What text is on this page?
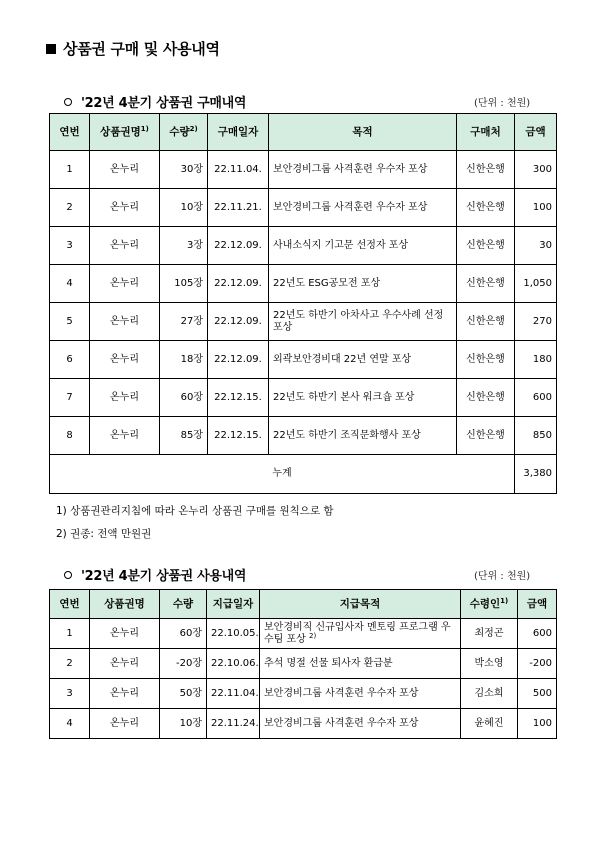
상품권 구매 및 사용내역
'22년 4분기 상품권 구매내역	(단위 : 천원)
연번	상품권명$^{1)}$	수량$^{2)}$	구매일자	목적	구매처	금액
1	온누리	30장	22.11.04.	보안경비그룹 사격훈련 우수자 포상	신한은행	300
2	온누리	10장	22.11.21.	보안경비그룹 사격훈련 우수자 포상	신한은행	100
3	온누리	3장	22.12.09.	사내소식지 기고문 선정자 포상	신한은행	30
4	온누리	105장	22.12.09.	22년도 ESG공모전 포상	신한은행	1,050
5	온누리	27장	22.12.09.	22년도 하반기 아차사고 우수사례 선정 포상	신한은행	270
6	온누리	18장	22.12.09.	외곽보안경비대 22년 연말 포상	신한은행	180
7	온누리	60장	22.12.15.	22년도 하반기 본사 워크숍 포상	신한은행	600
8	온누리	85장	22.12.15.	22년도 하반기 조직문화행사 포상	신한은행	850
누계						3,380
1) 상품권관리지침에 따라 온누리 상품권 구매를 원칙으로 함
2) 권종: 전액 만원권
'22년 4분기 상품권 사용내역	(단위 : 천원)
연번	상품권명	수량	지급일자	지급목적	수령인$^{1)}$	금액
1	온누리	60장	22.10.05.	보안경비직 신규입사자 멘토링 프로그램 우수팀 포상 $^{2)}$	최정곤	600
2	온누리	-20장	22.10.06.	추석 명절 선물 퇴사자 환급분	박소영	-200
3	온누리	50장	22.11.04.	보안경비그룹 사격훈련 우수자 포상	김소희	500
4	온누리	10장	22.11.24.	보안경비그룹 사격훈련 우수자 포상	윤혜진	100
